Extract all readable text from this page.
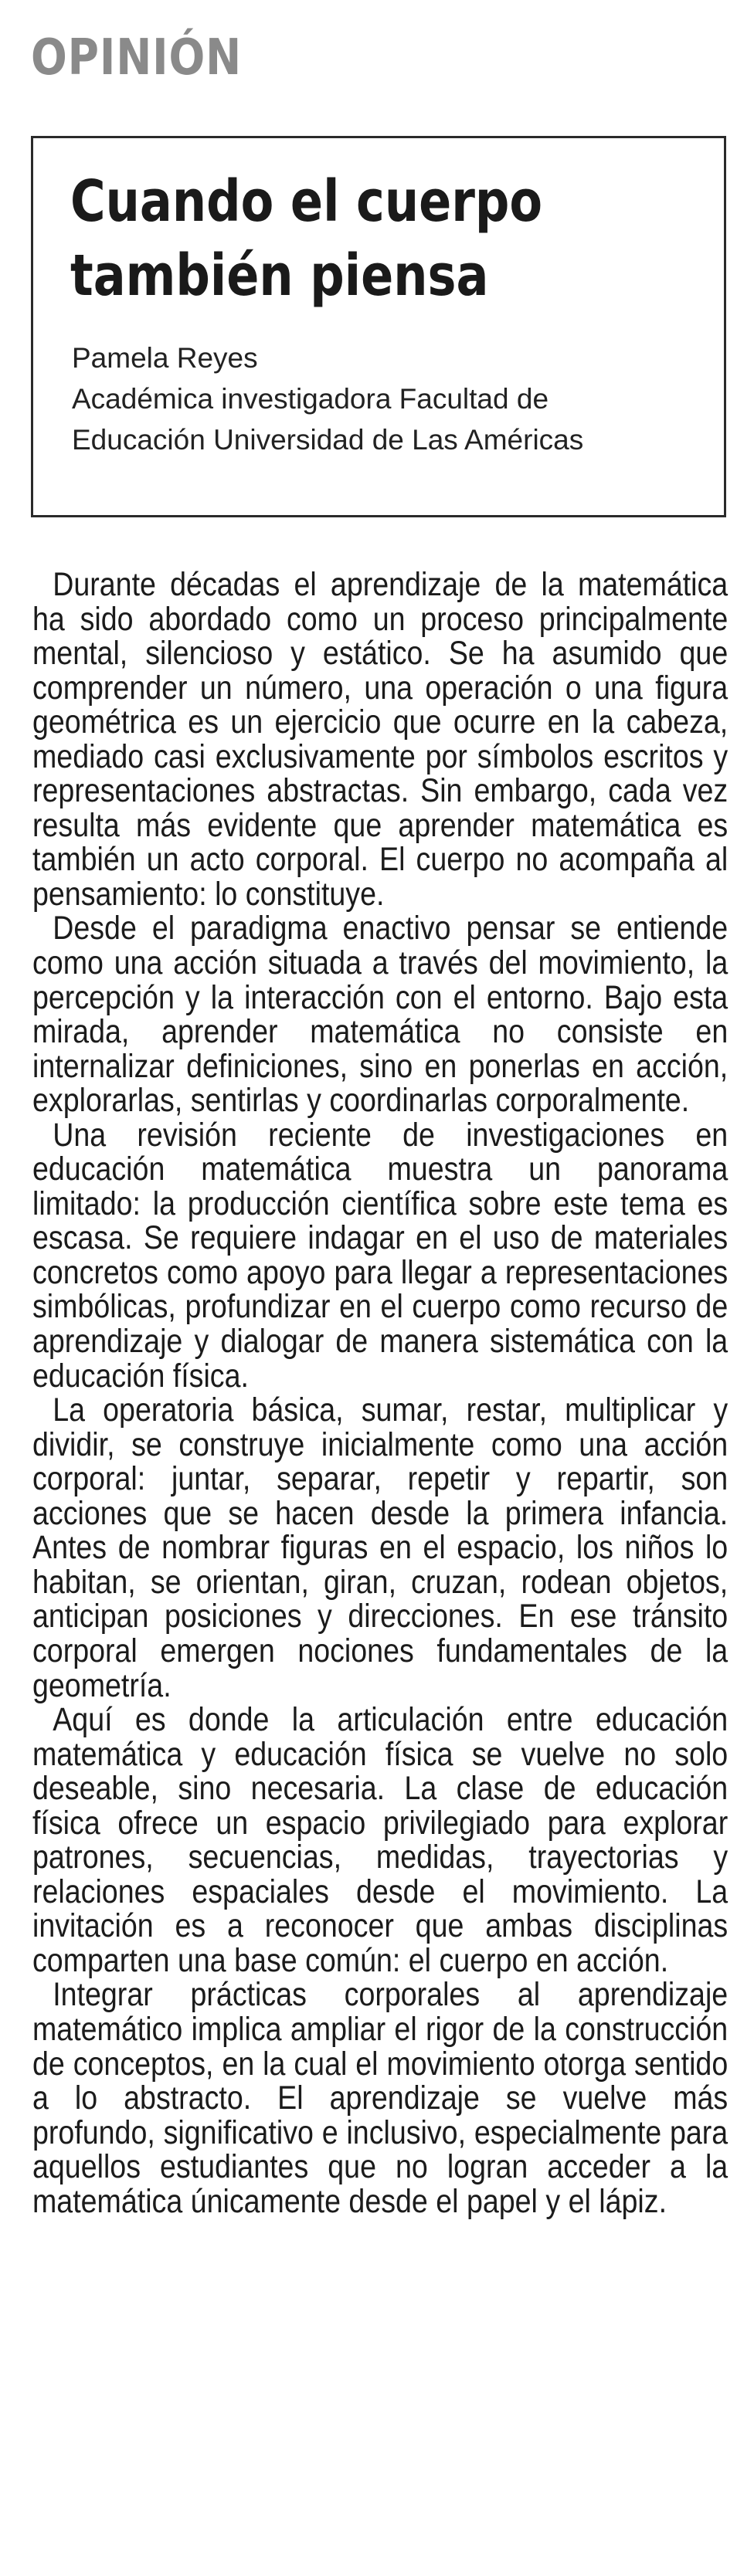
OPINIÓN
Cuando el cuerpo
también piensa
Pamela Reyes
Académica investigadora Facultad de
Educación Universidad de Las Américas

Durante décadas el aprendizaje de la matemática ha sido abordado como un proceso principalmente mental, silencioso y estático. Se ha asumido que comprender un número, una operación o una figura geométrica es un ejercicio que ocurre en la cabeza, mediado casi exclusivamente por símbolos escritos y representaciones abstractas. Sin embargo, cada vez resulta más evidente que aprender matemática es también un acto corporal. El cuerpo no acompaña al pensamiento: lo constituye.

Desde el paradigma enactivo pensar se entiende como una acción situada a través del movimiento, la percepción y la interacción con el entorno. Bajo esta mirada, aprender matemática no consiste en internalizar definiciones, sino en ponerlas en acción, explorarlas, sentirlas y coordinarlas corporalmente.

Una revisión reciente de investigaciones en educación matemática muestra un panorama limitado: la producción científica sobre este tema es escasa. Se requiere indagar en el uso de materiales concretos como apoyo para llegar a representaciones simbólicas, profundizar en el cuerpo como recurso de aprendizaje y dialogar de manera sistemática con la educación física.

La operatoria básica, sumar, restar, multiplicar y dividir, se construye inicialmente como una acción corporal: juntar, separar, repetir y repartir, son acciones que se hacen desde la primera infancia. Antes de nombrar figuras en el espacio, los niños lo habitan, se orientan, giran, cruzan, rodean objetos, anticipan posiciones y direcciones. En ese tránsito corporal emergen nociones fundamentales de la geometría.

Aquí es donde la articulación entre educación matemática y educación física se vuelve no solo deseable, sino necesaria. La clase de educación física ofrece un espacio privilegiado para explorar patrones, secuencias, medidas, trayectorias y relaciones espaciales desde el movimiento. La invitación es a reconocer que ambas disciplinas comparten una base común: el cuerpo en acción.

Integrar prácticas corporales al aprendizaje matemático implica ampliar el rigor de la construcción de conceptos, en la cual el movimiento otorga sentido a lo abstracto. El aprendizaje se vuelve más profundo, significativo e inclusivo, especialmente para aquellos estudiantes que no logran acceder a la matemática únicamente desde el papel y el lápiz.
